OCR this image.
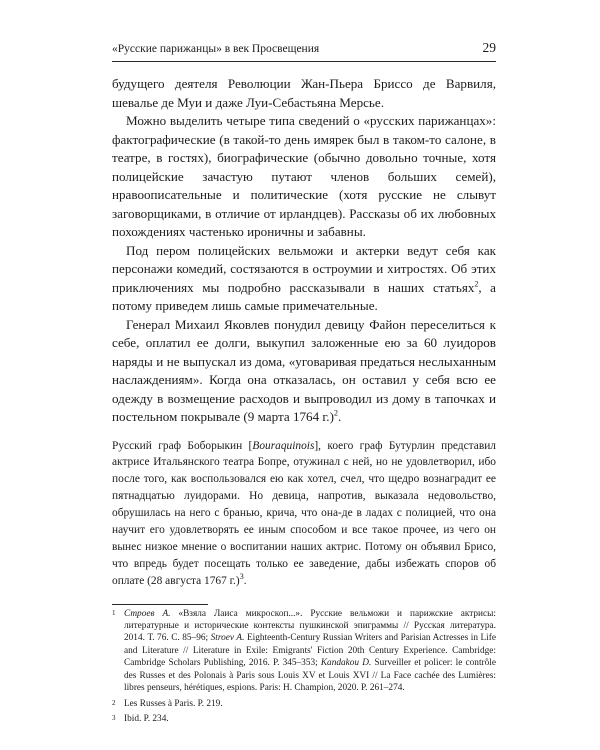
«Русские парижанцы» в век Просвещения	29

будущего деятеля Революции Жан-Пьера Бриссо де Варвиля, шевалье де Муи и даже Луи-Себастьяна Мерсье.

Можно выделить четыре типа сведений о «русских парижанцах»: фактографические (в такой-то день имярек был в таком-то салоне, в театре, в гостях), биографические (обычно довольно точные, хотя полицейские зачастую путают членов больших семей), нравоописательные и политические (хотя русские не слывут заговорщиками, в отличие от ирландцев). Рассказы об их любовных похождениях частенько ироничны и забавны.

Под пером полицейских вельможи и актерки ведут себя как персонажи комедий, состязаются в остроумии и хитростях. Об этих приключениях мы подробно рассказывали в наших статьях$^2$, а потому приведем лишь самые примечательные.

Генерал Михаил Яковлев понудил девицу Файон переселиться к себе, оплатил ее долги, выкупил заложенные ею за 60 луидоров наряды и не выпускал из дома, «уговаривая предаться неслыханным наслаждениям». Когда она отказалась, он оставил у себя всю ее одежду в возмещение расходов и выпроводил из дому в тапочках и постельном покрывале (9 марта 1764 г.)$^2$.

Русский граф Боборыкин [Bouraquinois], коего граф Бутурлин представил актрисе Итальянского театра Бопре, отужинал с ней, но не удовлетворил, ибо после того, как воспользовался ею как хотел, счел, что щедро вознаградит ее пятнадцатью луидорами. Но девица, напротив, выказала недовольство, обрушилась на него с бранью, крича, что она-де в ладах с полицией, что она научит его удовлетворять ее иным способом и все такое прочее, из чего он вынес низкое мнение о воспитании наших актрис. Потому он объявил Брисо, что впредь будет посещать только ее заведение, дабы избежать споров об оплате (28 августа 1767 г.)$^3$.
1 Строев А. «Взяла Лаиса микроскоп...». Русские вельможи и парижские актрисы: литературные и исторические контексты пушкинской эпиграммы // Русская литература. 2014. Т. 76. С. 85–96; Stroev A. Eighteenth-Century Russian Writers and Parisian Actresses in Life and Literature // Literature in Exile: Emigrants' Fiction 20th Century Experience. Cambridge: Cambridge Scholars Publishing, 2016. P. 345–353; Kandakou D. Surveiller et policer: le contrôle des Russes et des Polonais à Paris sous Louis XV et Louis XVI // La Face cachée des Lumières: libres penseurs, hérétiques, espions. Paris: H. Champion, 2020. P. 261–274.
2 Les Russes à Paris. P. 219.
3 Ibid. P. 234.
